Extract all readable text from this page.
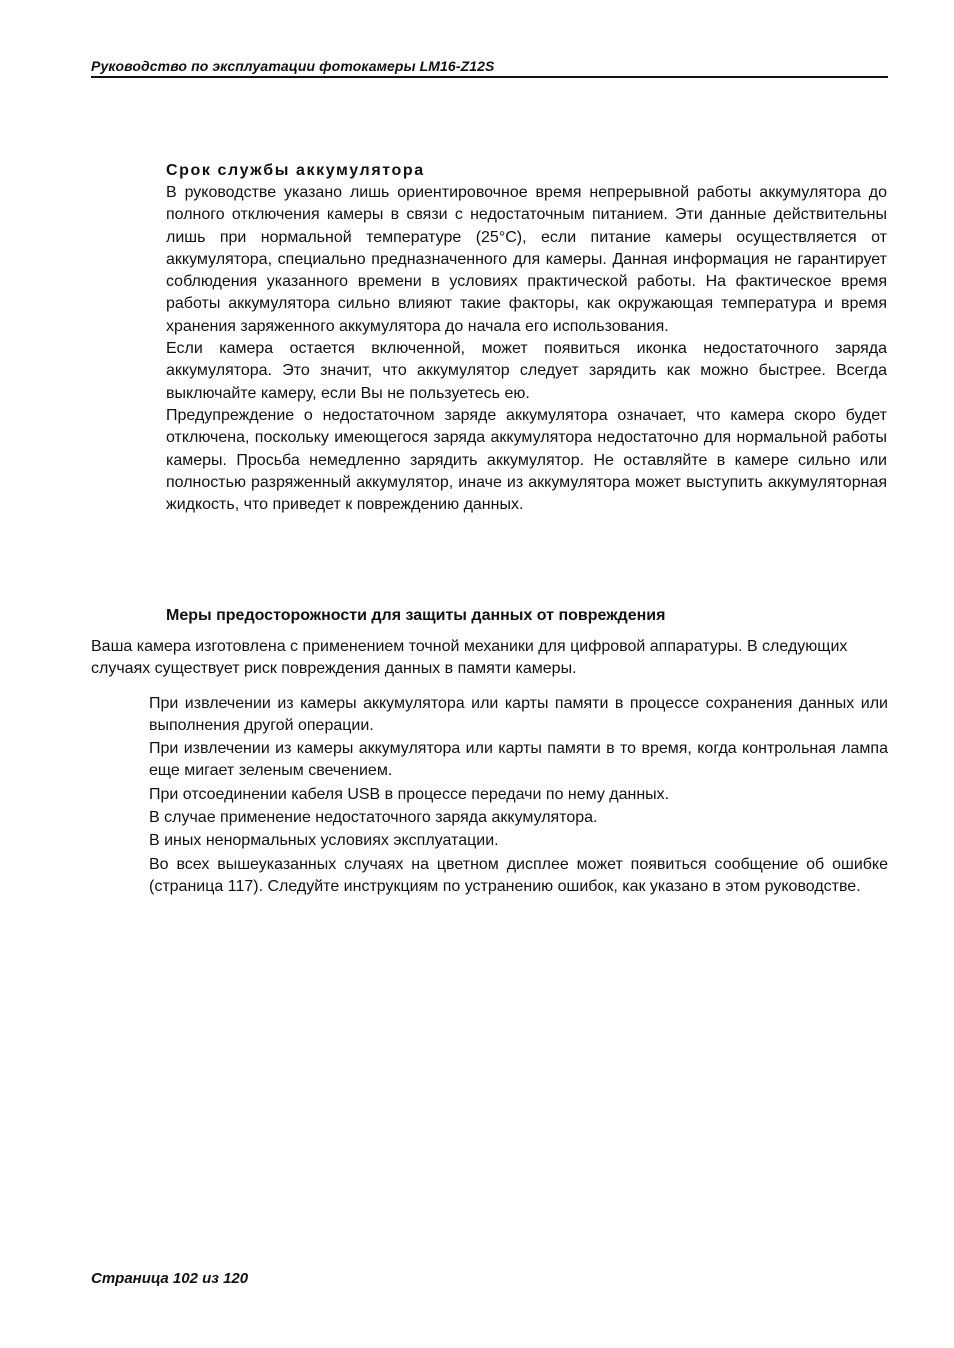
Руководство по эксплуатации фотокамеры LM16-Z12S
Срок службы аккумулятора

В руководстве указано лишь ориентировочное время непрерывной работы аккумулятора до полного отключения камеры в связи с недостаточным питанием. Эти данные действительны лишь при нормальной температуре (25°С), если питание камеры осуществляется от аккумулятора, специально предназначенного для камеры. Данная информация не гарантирует соблюдения указанного времени в условиях практической работы. На фактическое время работы аккумулятора сильно влияют такие факторы, как окружающая температура и время хранения заряженного аккумулятора до начала его использования.

Если камера остается включенной, может появиться иконка недостаточного заряда аккумулятора. Это значит, что аккумулятор следует зарядить как можно быстрее. Всегда выключайте камеру, если Вы не пользуетесь ею.

Предупреждение о недостаточном заряде аккумулятора означает, что камера скоро будет отключена, поскольку имеющегося заряда аккумулятора недостаточно для нормальной работы камеры. Просьба немедленно зарядить аккумулятор. Не оставляйте в камере сильно или полностью разряженный аккумулятор, иначе из аккумулятора может выступить аккумуляторная жидкость, что приведет к повреждению данных.

Меры предосторожности для защиты данных от повреждения

Ваша камера изготовлена с применением точной механики для цифровой аппаратуры. В следующих случаях существует риск повреждения данных в памяти камеры.

При извлечении из камеры аккумулятора или карты памяти в процессе сохранения данных или выполнения другой операции.
При извлечении из камеры аккумулятора или карты памяти в то время, когда контрольная лампа еще мигает зеленым свечением.
При отсоединении кабеля USB в процессе передачи по нему данных.
В случае применение недостаточного заряда аккумулятора.
В иных ненормальных условиях эксплуатации.
Во всех вышеуказанных случаях на цветном дисплее может появиться сообщение об ошибке (страница 117). Следуйте инструкциям по устранению ошибок, как указано в этом руководстве.
Страница 102 из 120
